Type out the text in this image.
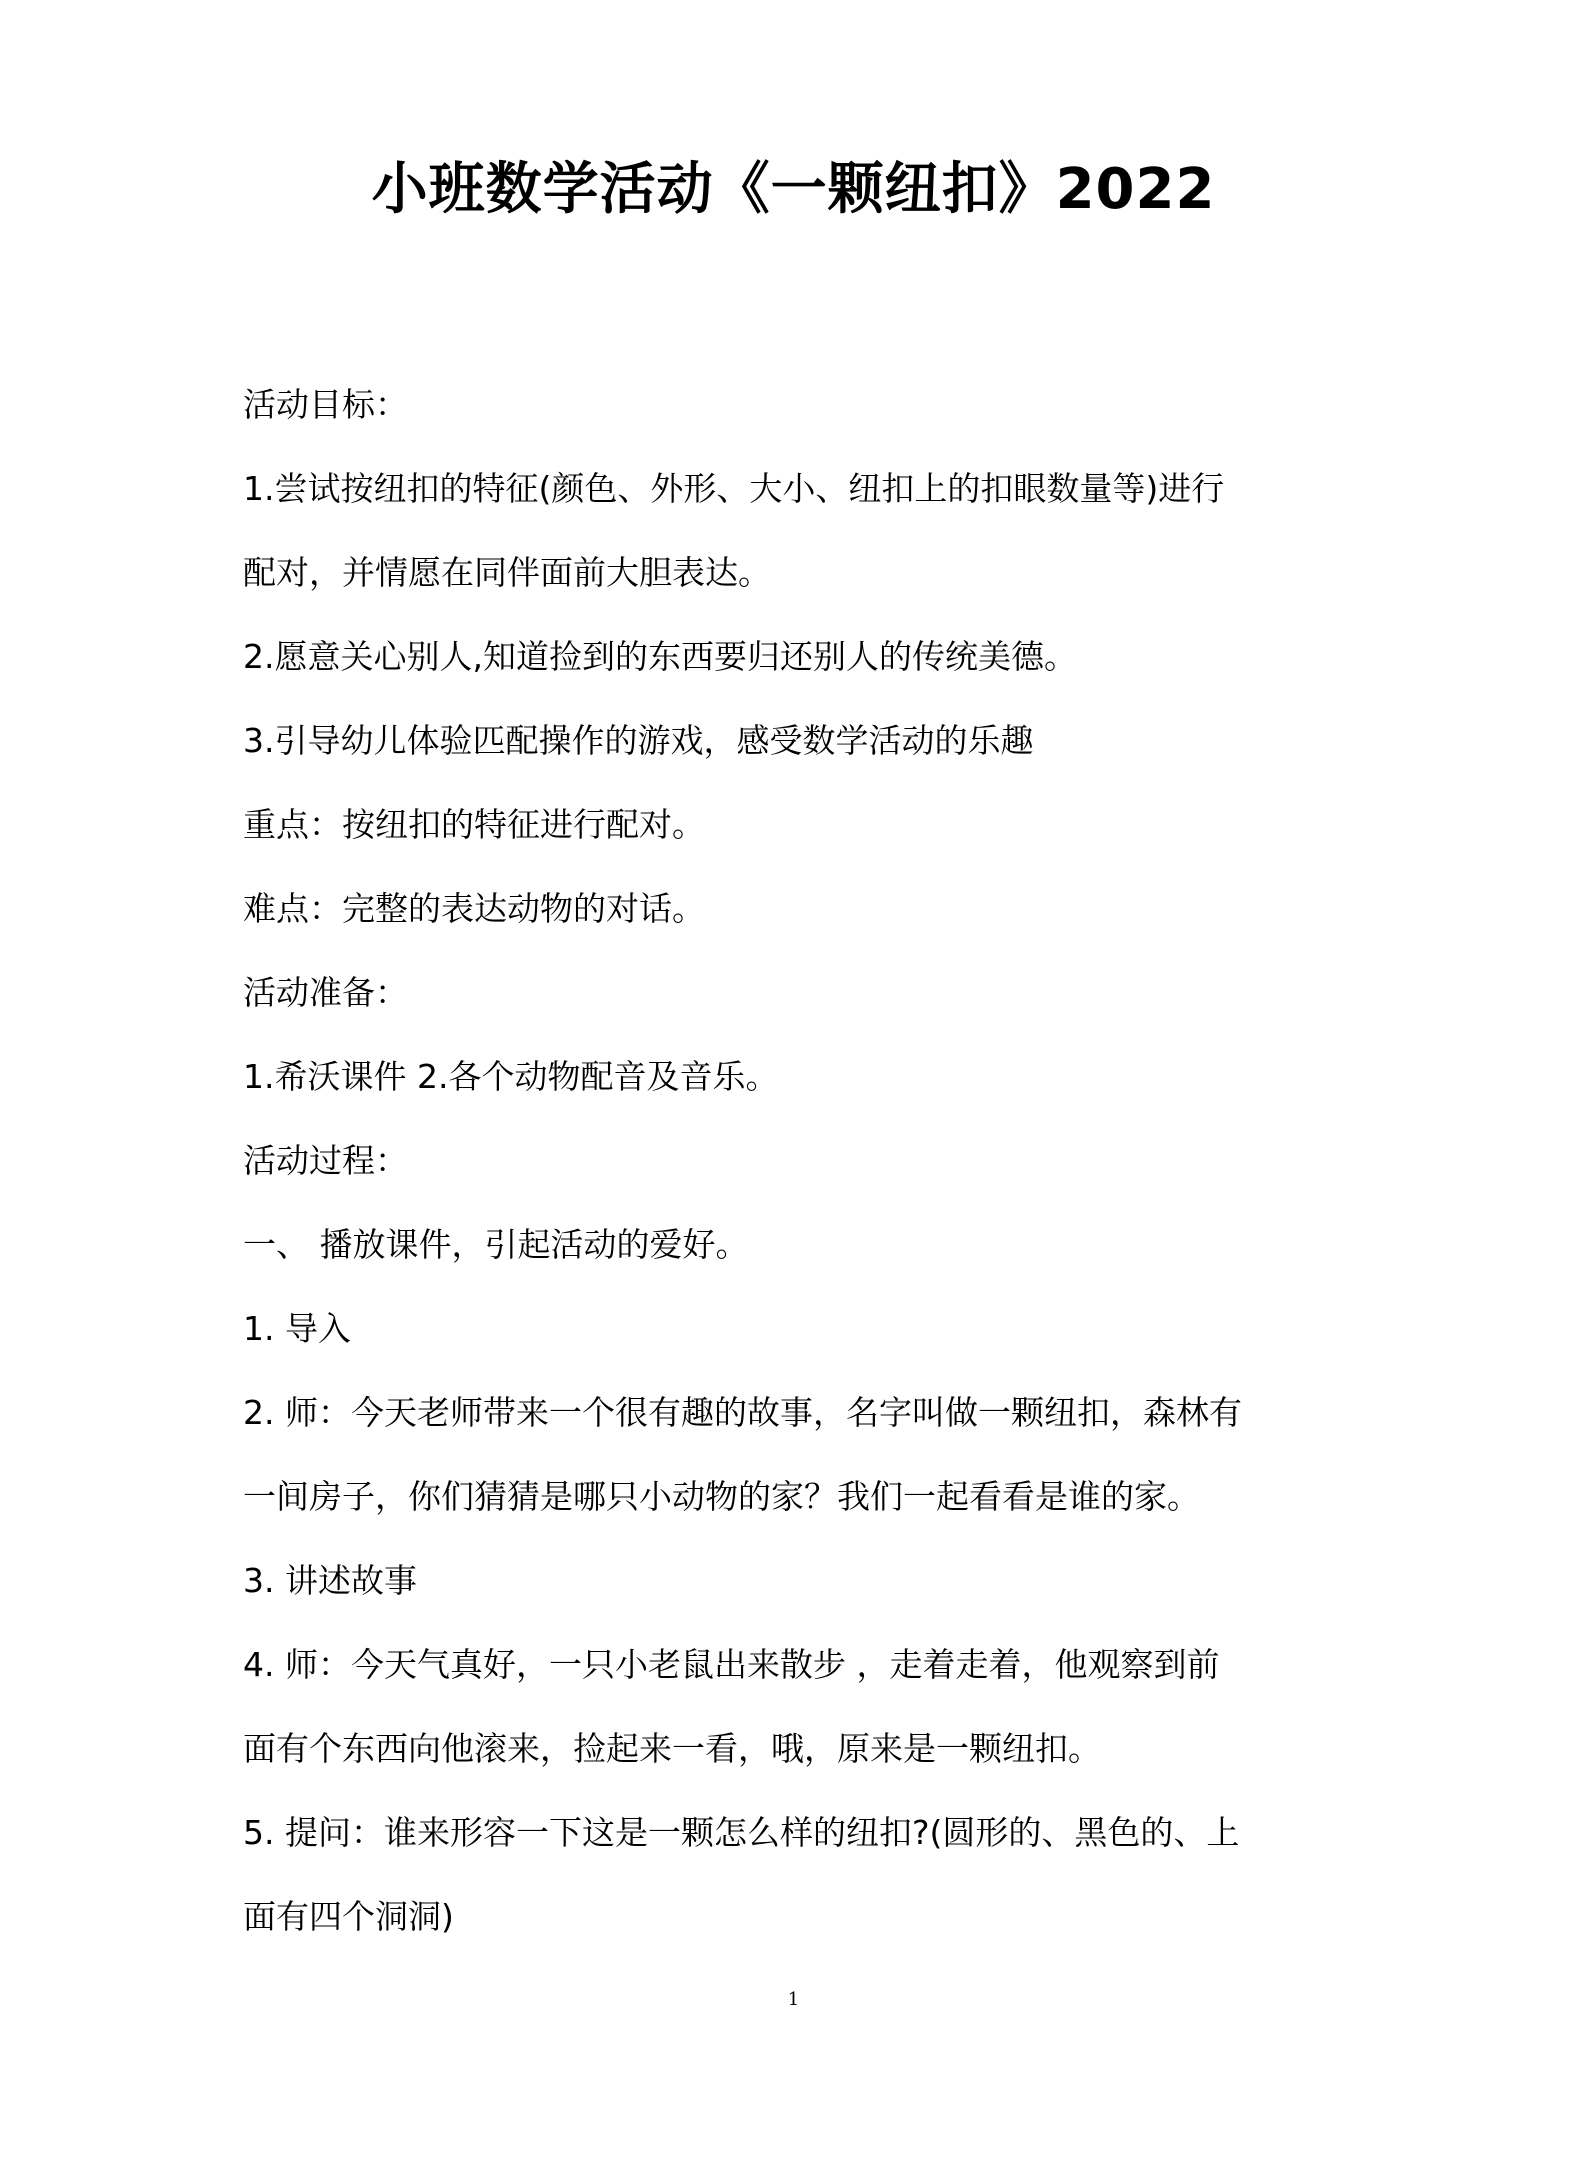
小班数学活动《一颗纽扣》2022

活动目标：

1.尝试按纽扣的特征(颜色、外形、大小、纽扣上的扣眼数量等)进行

配对，并情愿在同伴面前大胆表达。

2.愿意关心别人,知道捡到的东西要归还别人的传统美德。

3.引导幼儿体验匹配操作的游戏，感受数学活动的乐趣

重点：按纽扣的特征进行配对。

难点：完整的表达动物的对话。

活动准备：

1.希沃课件 2.各个动物配音及音乐。

活动过程：

一、 播放课件，引起活动的爱好。

1. 导入

2. 师：今天老师带来一个很有趣的故事，名字叫做一颗纽扣，森林有

一间房子，你们猜猜是哪只小动物的家？我们一起看看是谁的家。

3. 讲述故事

4. 师：今天气真好，一只小老鼠出来散步 ，走着走着，他观察到前

面有个东西向他滚来，捡起来一看，哦，原来是一颗纽扣。

5. 提问：谁来形容一下这是一颗怎么样的纽扣?(圆形的、黑色的、上

面有四个洞洞)

1
